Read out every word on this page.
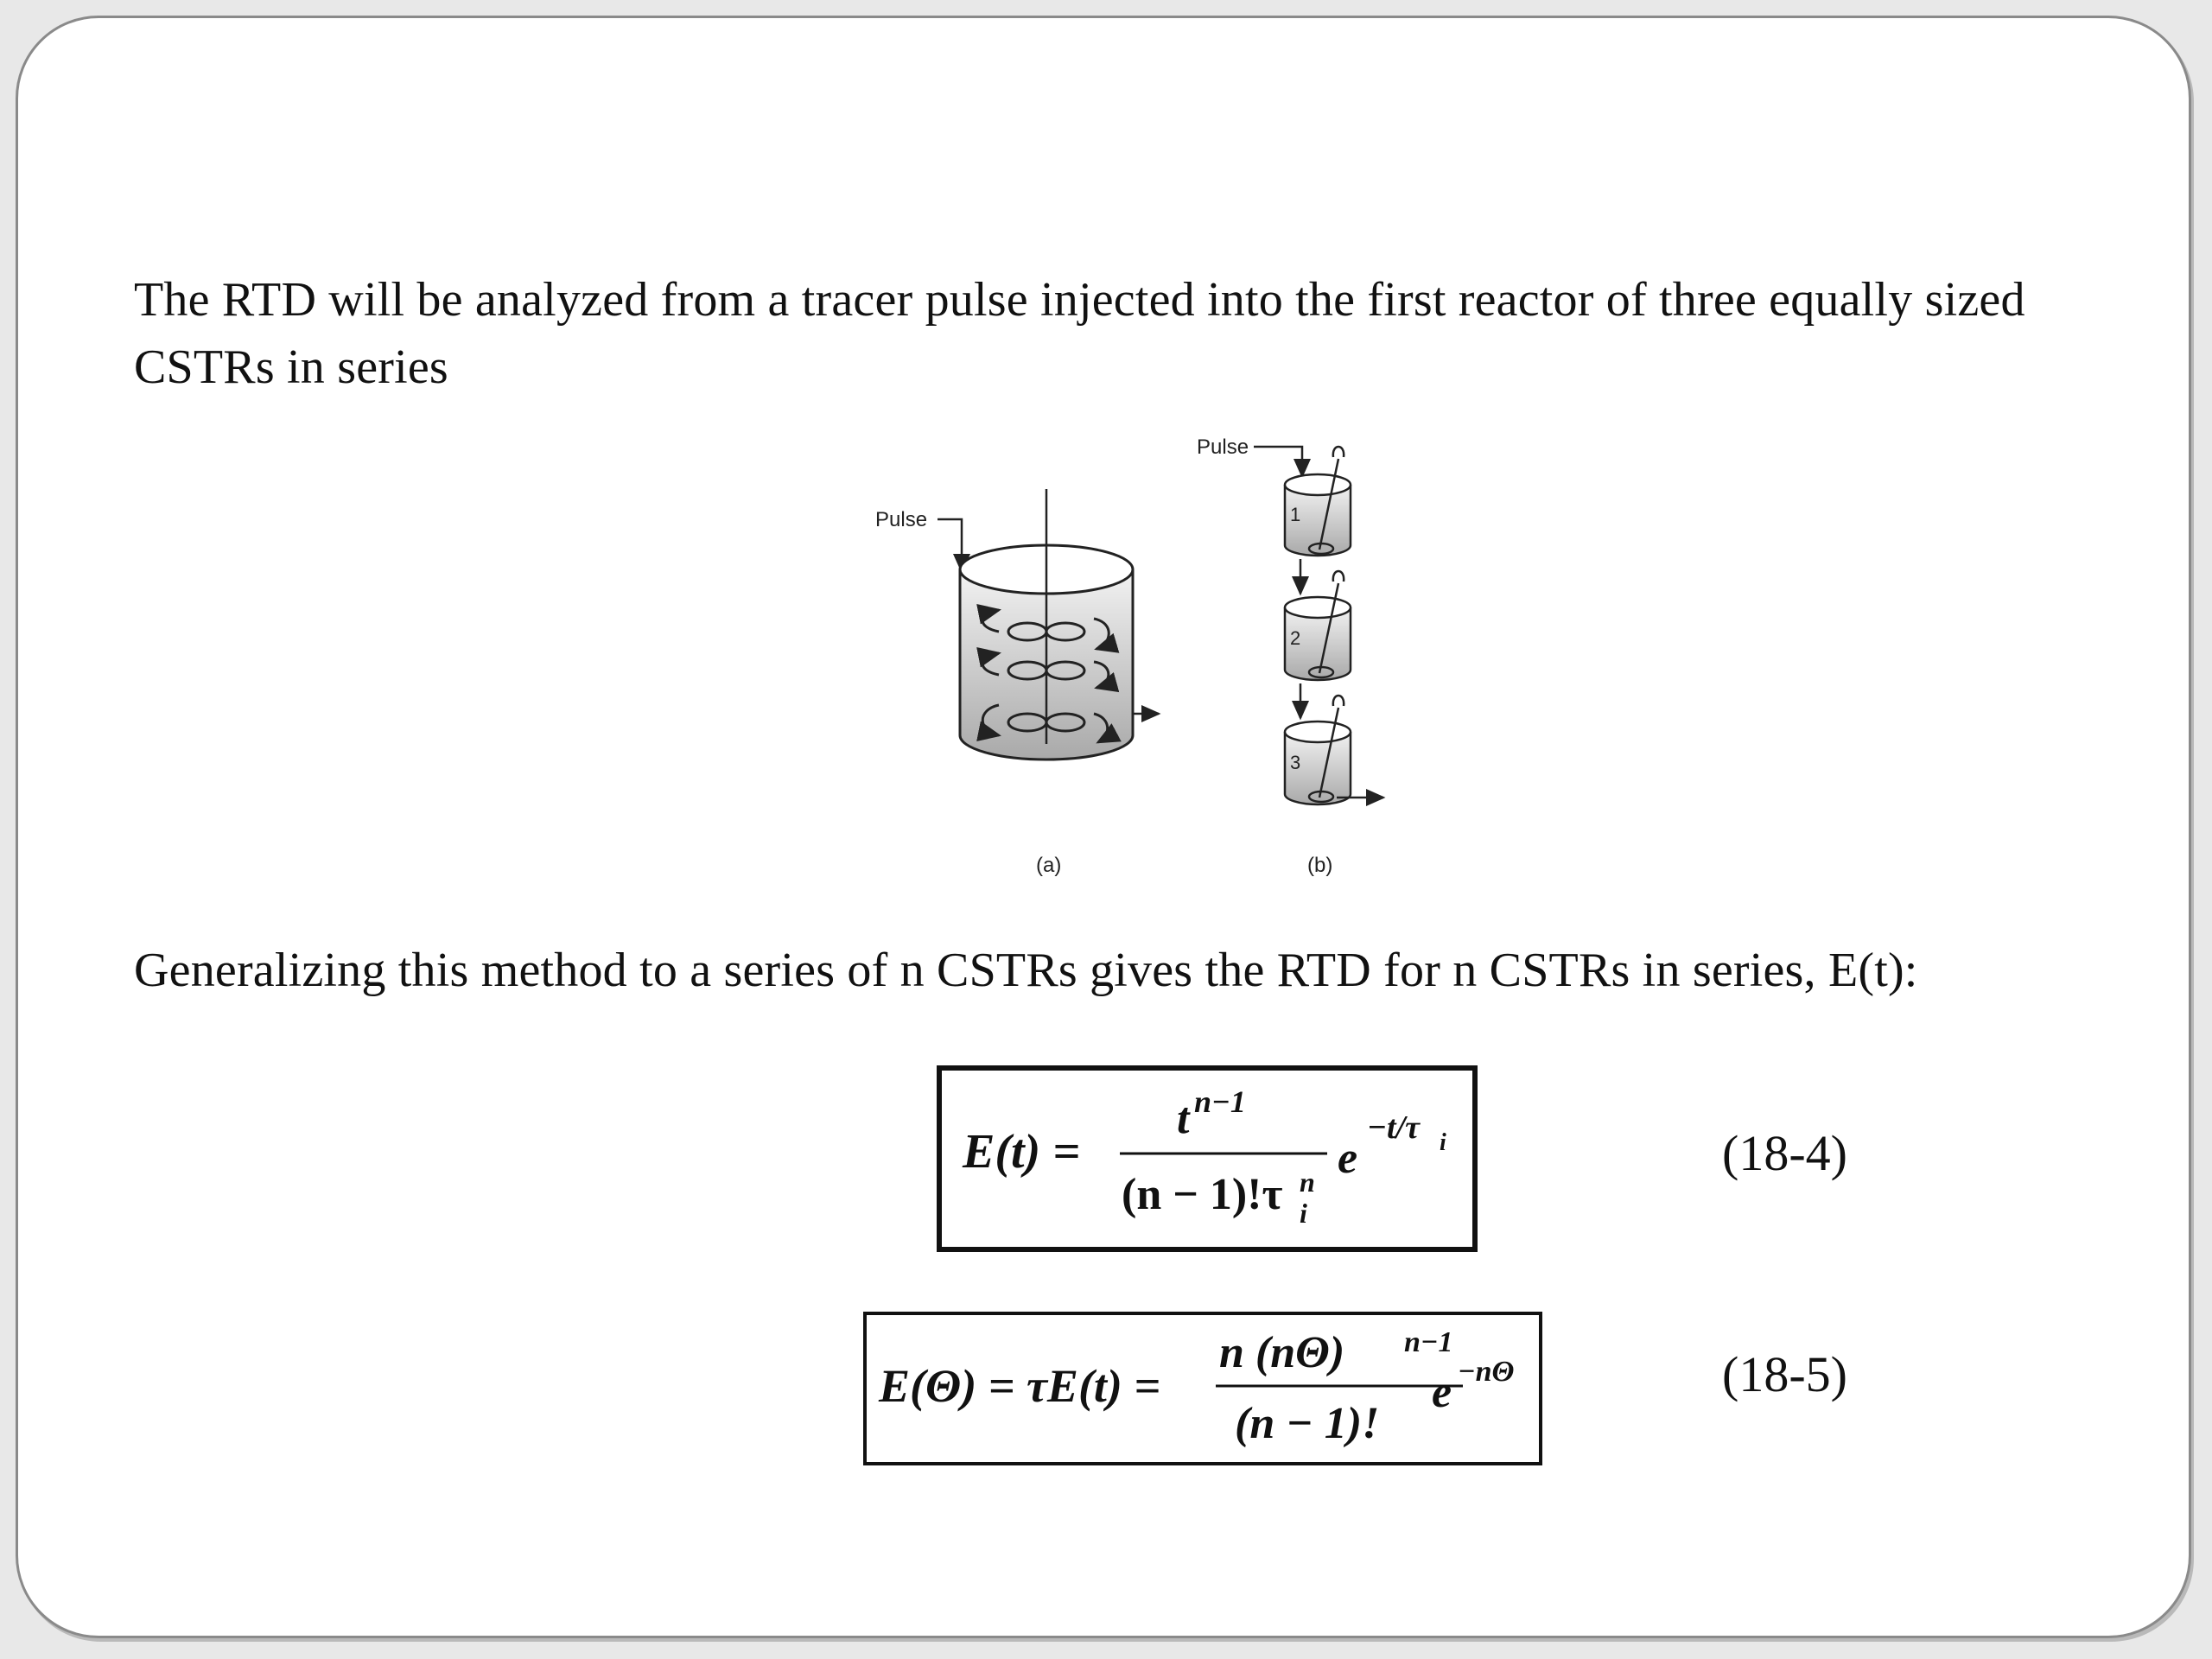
The RTD will be analyzed from a tracer pulse injected into the first reactor of three equally sized CSTRs in series

Pulse
(a)
Pulse
1
2
3
(b)

Generalizing this method to a series of n CSTRs gives the RTD for n CSTRs in series, E(t):

E(t) =
t n−1
(n − 1)!τ n
i
e
−t/τ i	(18-4)
E(Θ) = τE(t) =
n (nΘ) n−1
(n − 1)!
e −nΘ	(18-5)
